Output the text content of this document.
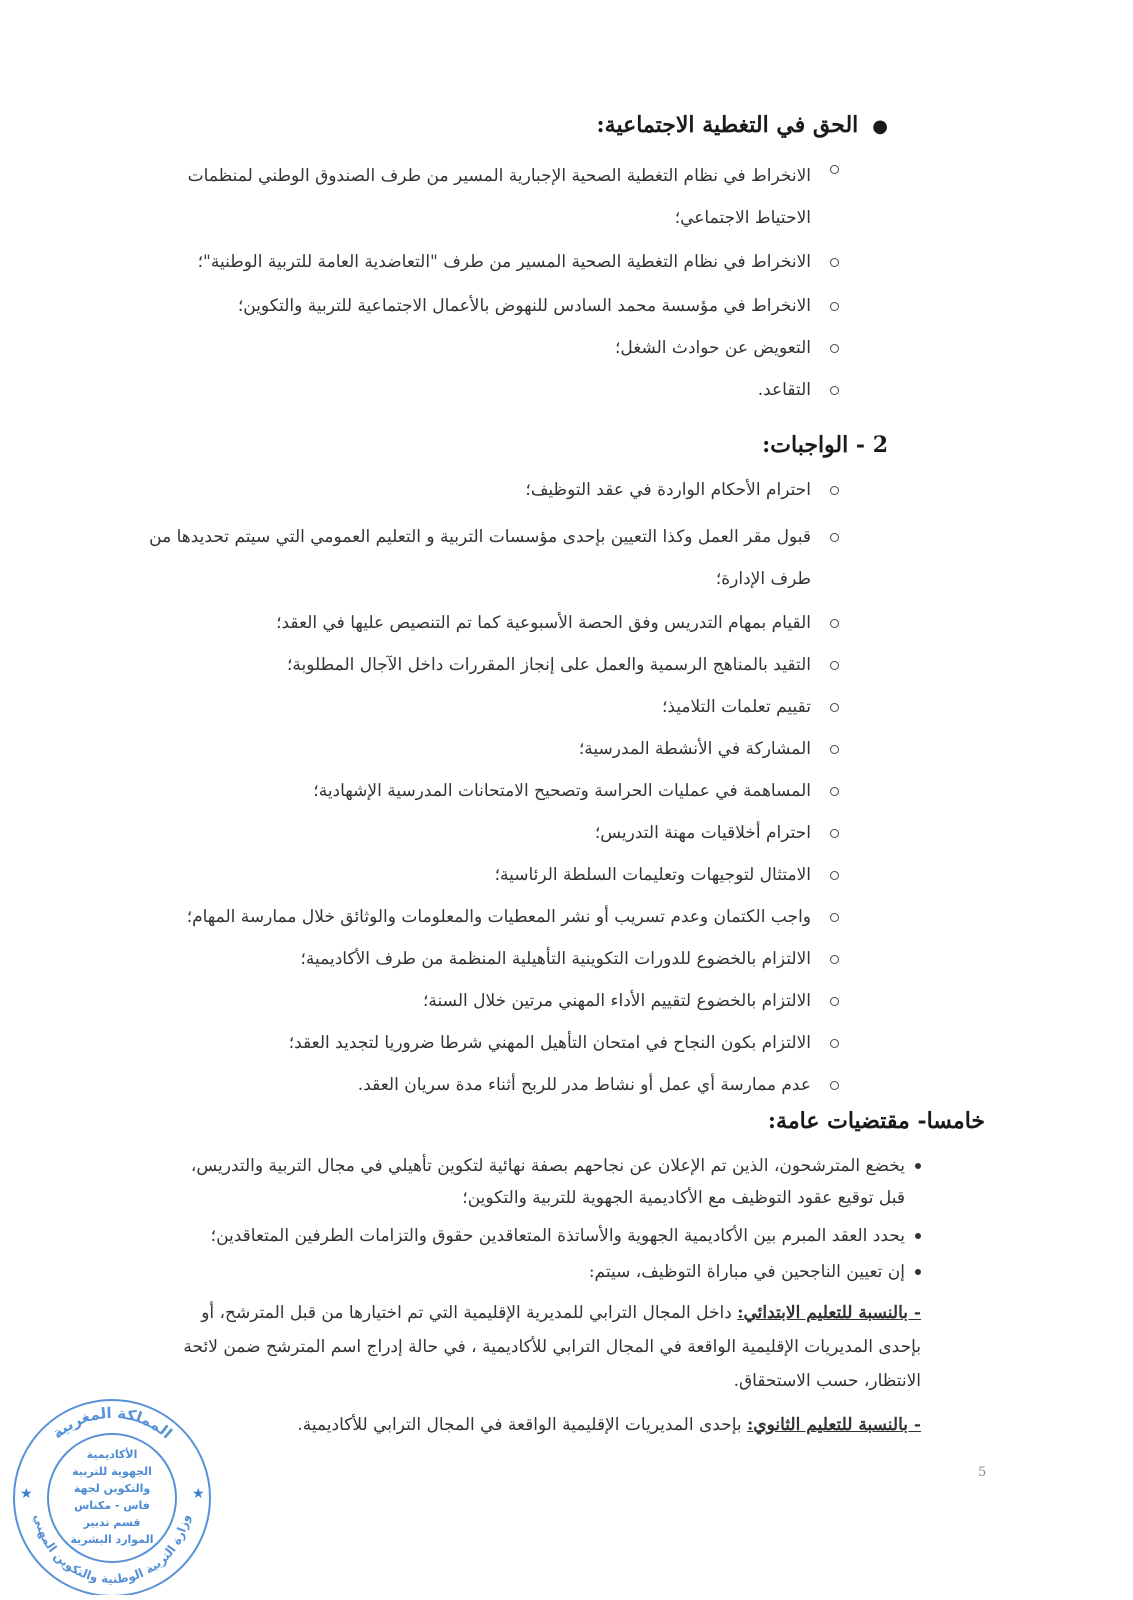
●الحق في التغطية الاجتماعية:
الانخراط في نظام التغطية الصحية الإجبارية المسير من طرف الصندوق الوطني لمنظمات الاحتياط الاجتماعي؛
الانخراط في نظام التغطية الصحية المسير من طرف "التعاضدية العامة للتربية الوطنية"؛
الانخراط في مؤسسة محمد السادس للنهوض بالأعمال الاجتماعية للتربية والتكوين؛
التعويض عن حوادث الشغل؛
التقاعد.
2 - الواجبات:
احترام الأحكام الواردة في عقد التوظيف؛
قبول مقر العمل وكذا التعيين بإحدى مؤسسات التربية و التعليم العمومي التي سيتم تحديدها من طرف الإدارة؛
القيام بمهام التدريس وفق الحصة الأسبوعية كما تم التنصيص عليها في العقد؛
التقيد بالمناهج الرسمية والعمل على إنجاز المقررات داخل الآجال المطلوبة؛
تقييم تعلمات التلاميذ؛
المشاركة في الأنشطة المدرسية؛
المساهمة في عمليات الحراسة وتصحيح الامتحانات المدرسية الإشهادية؛
احترام أخلاقيات مهنة التدريس؛
الامتثال لتوجيهات وتعليمات السلطة الرئاسية؛
واجب الكتمان وعدم تسريب أو نشر المعطيات والمعلومات والوثائق خلال ممارسة المهام؛
الالتزام بالخضوع للدورات التكوينية التأهيلية المنظمة من طرف الأكاديمية؛
الالتزام بالخضوع لتقييم الأداء المهني مرتين خلال السنة؛
الالتزام بكون النجاح في امتحان التأهيل المهني شرطا ضروريا لتجديد العقد؛
عدم ممارسة أي عمل أو نشاط مدر للربح أثناء مدة سريان العقد.
خامسا- مقتضيات عامة:
يخضع المترشحون، الذين تم الإعلان عن نجاحهم بصفة نهائية لتكوين تأهيلي في مجال التربية والتدريس، قبل توقيع عقود التوظيف مع الأكاديمية الجهوية للتربية والتكوين؛
يحدد العقد المبرم بين الأكاديمية الجهوية والأساتذة المتعاقدين حقوق والتزامات الطرفين المتعاقدين؛
إن تعيين الناجحين في مباراة التوظيف، سيتم:
- بالنسبة للتعليم الابتدائي: داخل المجال الترابي للمديرية الإقليمية التي تم اختيارها من قبل المترشح، أو بإحدى المديريات الإقليمية الواقعة في المجال الترابي للأكاديمية ، في حالة إدراج اسم المترشح ضمن لائحة الانتظار، حسب الاستحقاق.
- بالنسبة للتعليم الثانوي: بإحدى المديريات الإقليمية الواقعة في المجال الترابي للأكاديمية.
5
المملكة المغربية
وزارة التربية الوطنية والتكوين المهني
الأكاديمية
الجهوية للتربية
والتكوين لجهة
فاس - مكناس
قسم تدبير
الموارد البشرية
★	★
